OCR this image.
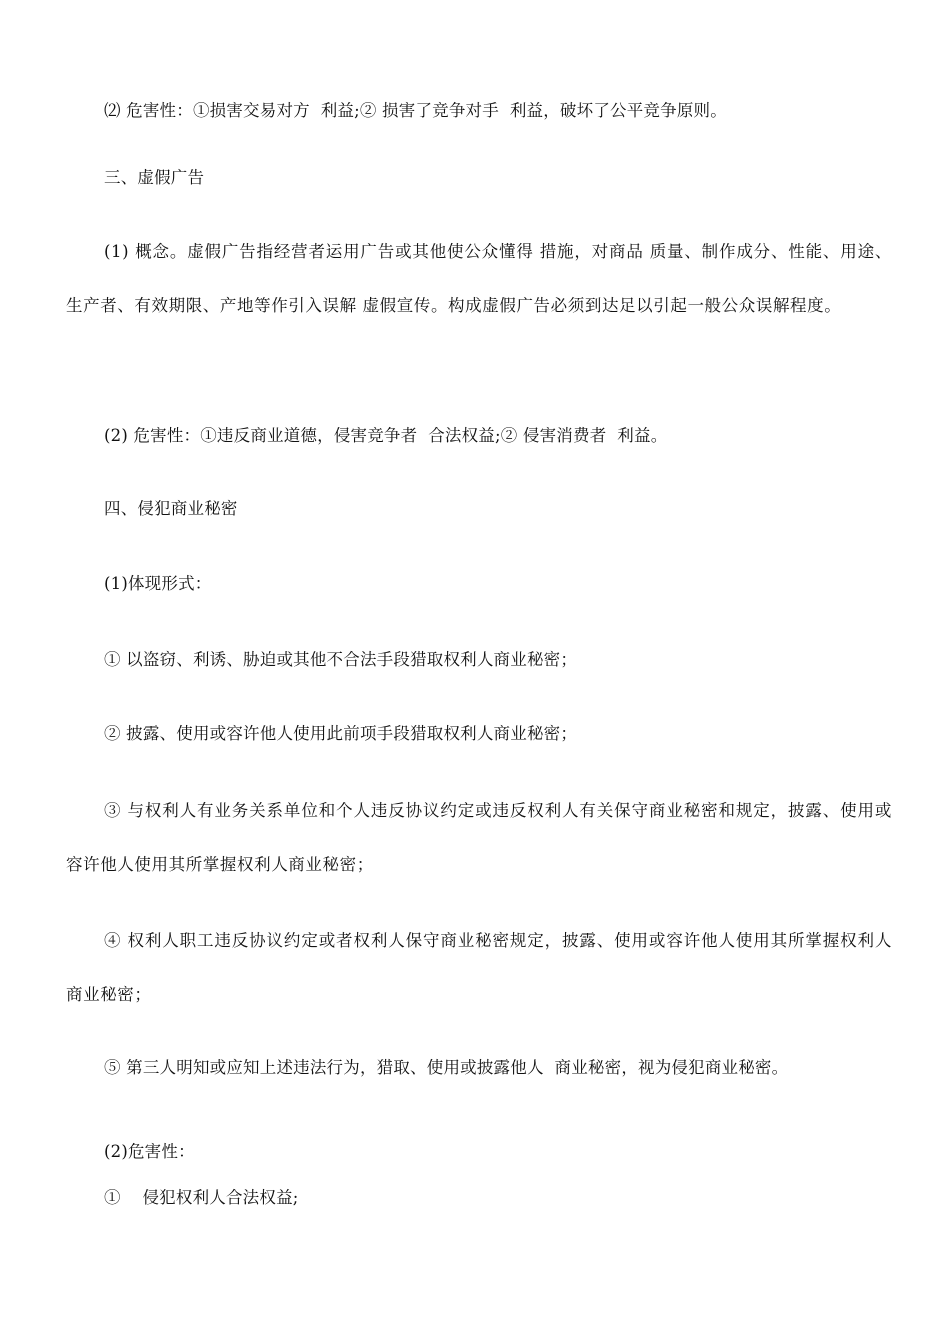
⑵ 危害性：①损害交易对方  利益;② 损害了竞争对手  利益，破坏了公平竞争原则。

三、虚假广告

(1) 概念。虚假广告指经营者运用广告或其他使公众懂得 措施，对商品 质量、制作成分、性能、用途、生产者、有效期限、产地等作引入误解 虚假宣传。构成虚假广告必须到达足以引起一般公众误解程度。

(2) 危害性：①违反商业道德，侵害竞争者  合法权益;② 侵害消费者  利益。

四、侵犯商业秘密

(1)体现形式：

① 以盗窃、利诱、胁迫或其他不合法手段猎取权利人商业秘密；

② 披露、使用或容许他人使用此前项手段猎取权利人商业秘密；

③ 与权利人有业务关系单位和个人违反协议约定或违反权利人有关保守商业秘密和规定，披露、使用或容许他人使用其所掌握权利人商业秘密；

④ 权利人职工违反协议约定或者权利人保守商业秘密规定，披露、使用或容许他人使用其所掌握权利人商业秘密；

⑤ 第三人明知或应知上述违法行为，猎取、使用或披露他人  商业秘密，视为侵犯商业秘密。

(2)危害性：

①    侵犯权利人合法权益;
